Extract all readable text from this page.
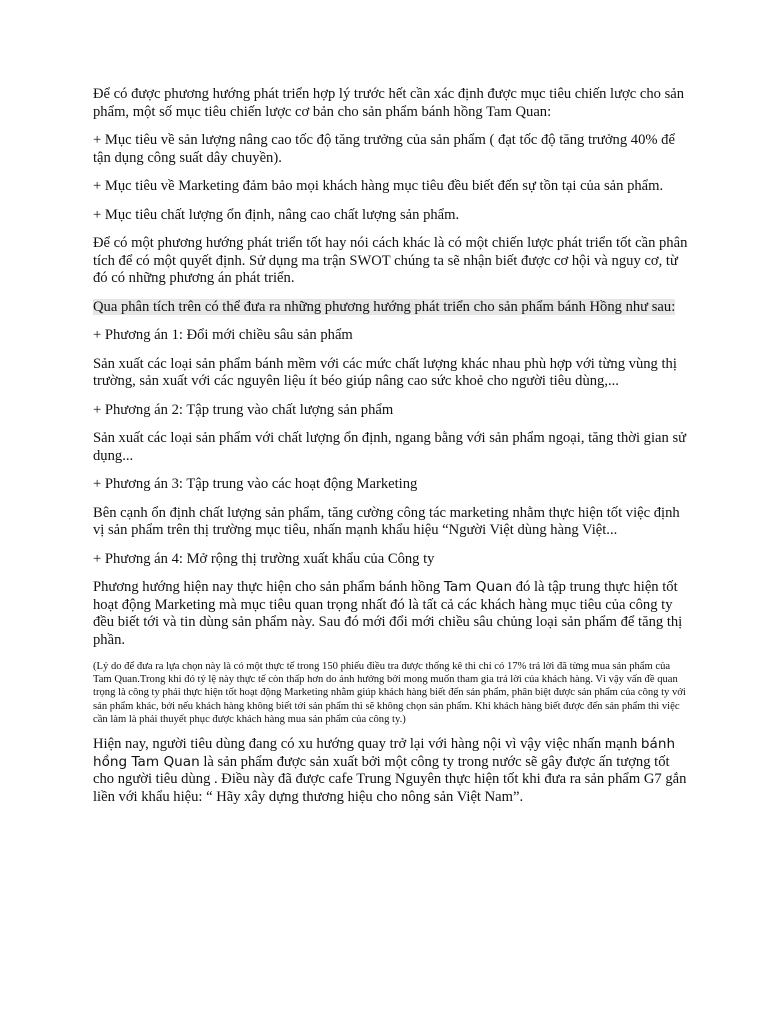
Để có được phương hướng phát triển hợp lý trước hết cần xác định được mục tiêu chiến lược cho sản phẩm, một số mục tiêu chiến lược cơ bản cho sản phẩm bánh hồng Tam Quan:

+ Mục tiêu về sản lượng nâng cao tốc độ tăng trưởng của sản phẩm ( đạt tốc độ tăng trưởng 40% để tận dụng công suất dây chuyền).

+ Mục tiêu về Marketing đảm bảo mọi khách hàng mục tiêu đều biết đến sự tồn tại của sản phẩm.

+ Mục tiêu chất lượng ổn định, nâng cao chất lượng sản phẩm.

Để có một phương hướng phát triển tốt hay nói cách khác là có một chiến lược phát triển tốt cần phân tích để có một quyết định. Sử dụng ma trận SWOT chúng ta sẽ nhận biết được cơ hội và nguy cơ, từ đó có những phương án phát triển.

Qua phân tích trên có thể đưa ra những phương hướng phát triển cho sản phẩm bánh Hồng như sau:

+ Phương án 1: Đổi mới chiều sâu sản phẩm

Sản xuất các loại sản phẩm bánh mềm với các mức chất lượng khác nhau phù hợp với từng vùng thị trường, sản xuất với các nguyên liệu ít béo giúp nâng cao sức khoẻ cho người tiêu dùng,...

+ Phương án 2: Tập trung vào chất lượng sản phẩm

Sản xuất các loại sản phẩm với chất lượng ổn định, ngang bằng với sản phẩm ngoại, tăng thời gian sử dụng...

+ Phương án 3: Tập trung vào các hoạt động Marketing

Bên cạnh ổn định chất lượng sản phẩm, tăng cường công tác marketing nhằm thực hiện tốt việc định vị sản phẩm trên thị trường mục tiêu, nhấn mạnh khẩu hiệu “Người Việt dùng hàng Việt...

+ Phương án 4: Mở rộng thị trường xuất khẩu của Công ty

Phương hướng hiện nay thực hiện cho sản phẩm bánh hồng Tam Quan đó là tập trung thực hiện tốt hoạt động Marketing mà mục tiêu quan trọng nhất đó là tất cả các khách hàng mục tiêu của công ty đều biết tới và tin dùng sản phẩm này. Sau đó mới đổi mới chiều sâu chủng loại sản phẩm để tăng thị phần.

(Lý do để đưa ra lựa chọn này là có một thực tế trong 150 phiếu điều tra được thống kê thì chỉ có 17% trả lời đã từng mua sản phẩm của Tam Quan.Trong khi đó tỷ lệ này thực tế còn thấp hơn do ảnh hưởng bởi mong muốn tham gia trả lời của khách hàng. Vì vậy vấn đề quan trọng là công ty phải thực hiện tốt hoạt động Marketing nhằm giúp khách hàng biết đến sản phẩm, phân biệt được sản phẩm của công ty với sản phẩm khác, bởi nếu khách hàng không biết tới sản phẩm thì sẽ không chọn sản phẩm. Khi khách hàng biết được đến sản phẩm thì việc cần làm là phải thuyết phục được khách hàng mua sản phẩm của công ty.)

Hiện nay, người tiêu dùng đang có xu hướng quay trở lại với hàng nội vì vậy việc nhấn mạnh bánh hồng Tam Quan là sản phẩm được sản xuất bởi một công ty trong nước sẽ gây được ấn tượng tốt cho người tiêu dùng . Điều này đã được cafe Trung Nguyên thực hiện tốt khi đưa ra sản phẩm G7 gắn liền với khẩu hiệu: “ Hãy xây dựng thương hiệu cho nông sản Việt Nam”.
